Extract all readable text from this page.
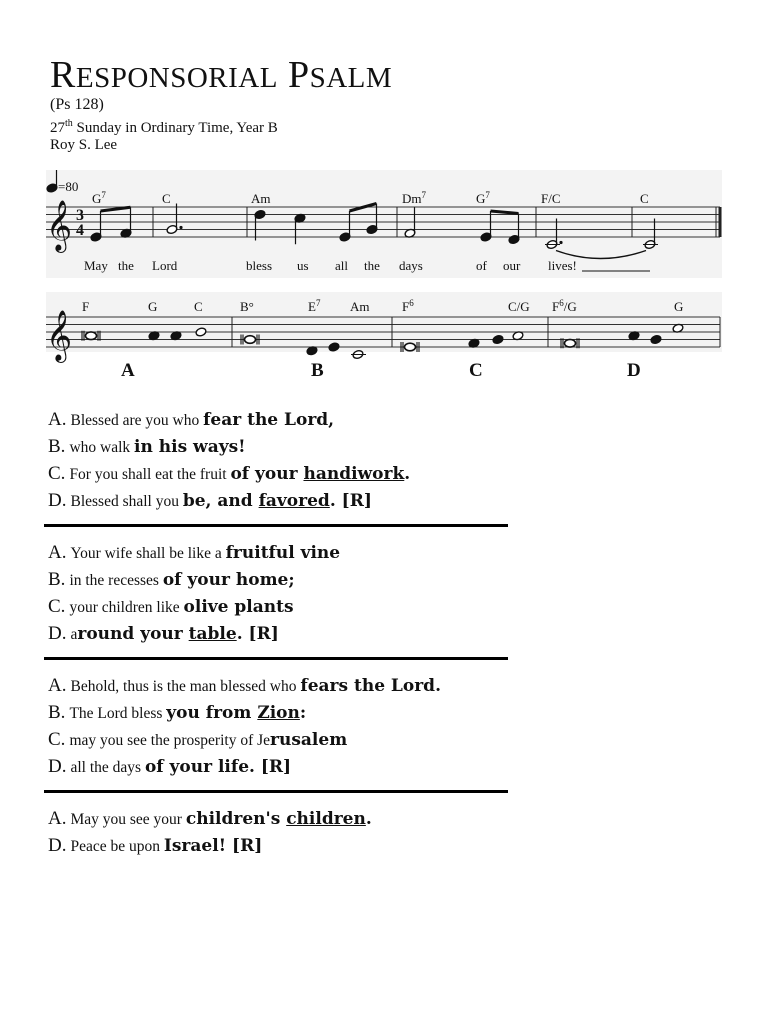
RESPONSORIAL PSALM
(Ps 128)
27th Sunday in Ordinary Time, Year B
Roy S. Lee
𝄞 3
4
=80
$G^7$	C	Am	Dm$^7$	$G^7$	F/C	C
May the Lord	bless us all the days	of our lives!
𝄞
F	G	C	B°	$E^7$ Am	$F^6$	C/G $F^6/G$	G
A	B	C	D
A. Blessed are you who fear the Lord,
B. who walk in his ways!
C. For you shall eat the fruit of your handiwork.
D. Blessed shall you be, and favored. [R]
A. Your wife shall be like a fruitful vine
B. in the recesses of your home;
C. your children like olive plants
D. around your table. [R]
A. Behold, thus is the man blessed who fears the Lord.
B. The Lord bless you from Zion:
C. may you see the prosperity of Jerusalem
D. all the days of your life. [R]
A. May you see your children's children.
D. Peace be upon Israel! [R]
